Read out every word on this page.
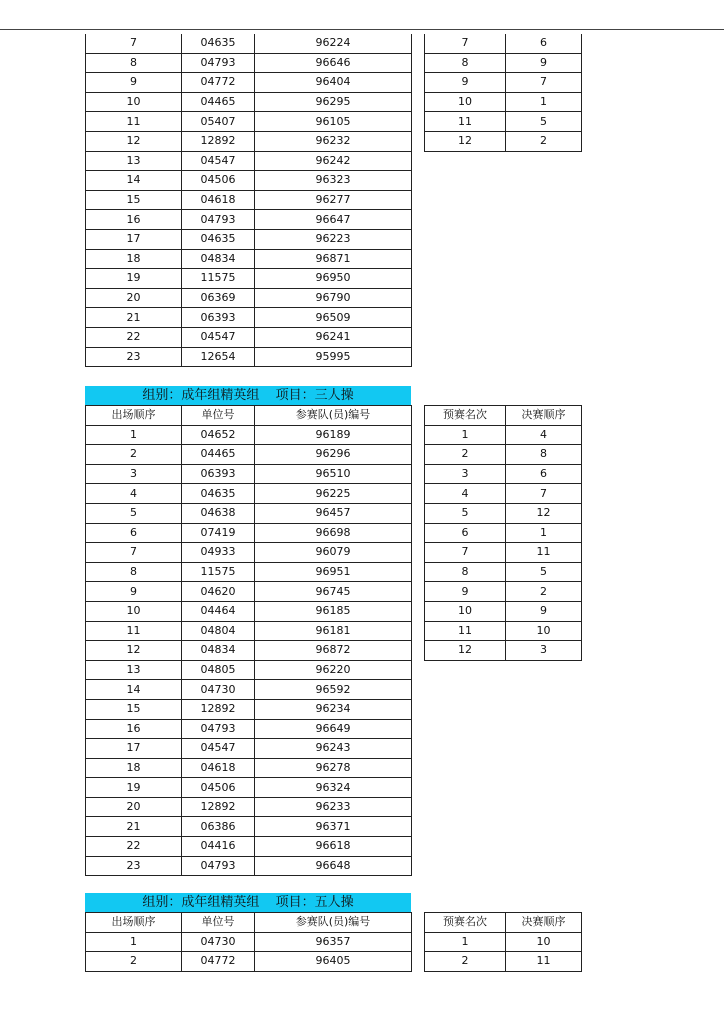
7	04635	96224
8	04793	96646
9	04772	96404
10	04465	96295
11	05407	96105
12	12892	96232
13	04547	96242
14	04506	96323
15	04618	96277
16	04793	96647
17	04635	96223
18	04834	96871
19	11575	96950
20	06369	96790
21	06393	96509
22	04547	96241
23	12654	95995
7	6
8	9
9	7
10	1
11	5
12	2
组别：成年组精英组 项目：三人操
出场顺序	单位号	参赛队(员)编号
1	04652	96189
2	04465	96296
3	06393	96510
4	04635	96225
5	04638	96457
6	07419	96698
7	04933	96079
8	11575	96951
9	04620	96745
10	04464	96185
11	04804	96181
12	04834	96872
13	04805	96220
14	04730	96592
15	12892	96234
16	04793	96649
17	04547	96243
18	04618	96278
19	04506	96324
20	12892	96233
21	06386	96371
22	04416	96618
23	04793	96648
预赛名次	决赛顺序
1	4
2	8
3	6
4	7
5	12
6	1
7	11
8	5
9	2
10	9
11	10
12	3
组别：成年组精英组 项目：五人操
出场顺序	单位号	参赛队(员)编号
1	04730	96357
2	04772	96405
预赛名次	决赛顺序
1	10
2	11
